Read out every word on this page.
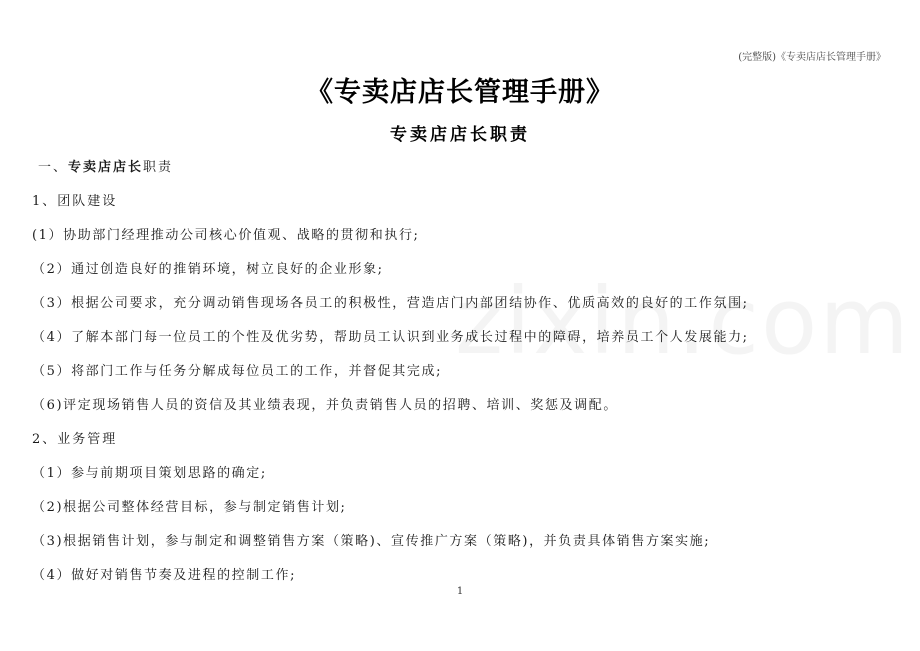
(完整版)《专卖店店长管理手册》
《专卖店店长管理手册》
专卖店店长职责
一、专卖店店长职责
1、团队建设
(1）协助部门经理推动公司核心价值观、战略的贯彻和执行;
（2）通过创造良好的推销环境，树立良好的企业形象;
（3）根据公司要求，充分调动销售现场各员工的积极性，营造店门内部团结协作、优质高效的良好的工作氛围;
（4）了解本部门每一位员工的个性及优劣势，帮助员工认识到业务成长过程中的障碍，培养员工个人发展能力;
（5）将部门工作与任务分解成每位员工的工作，并督促其完成;
（6)评定现场销售人员的资信及其业绩表现，并负责销售人员的招聘、培训、奖惩及调配。
2、业务管理
（1）参与前期项目策划思路的确定;
（2)根据公司整体经营目标，参与制定销售计划;
（3)根据销售计划，参与制定和调整销售方案（策略)、宣传推广方案（策略)，并负责具体销售方案实施;
（4）做好对销售节奏及进程的控制工作;
1
